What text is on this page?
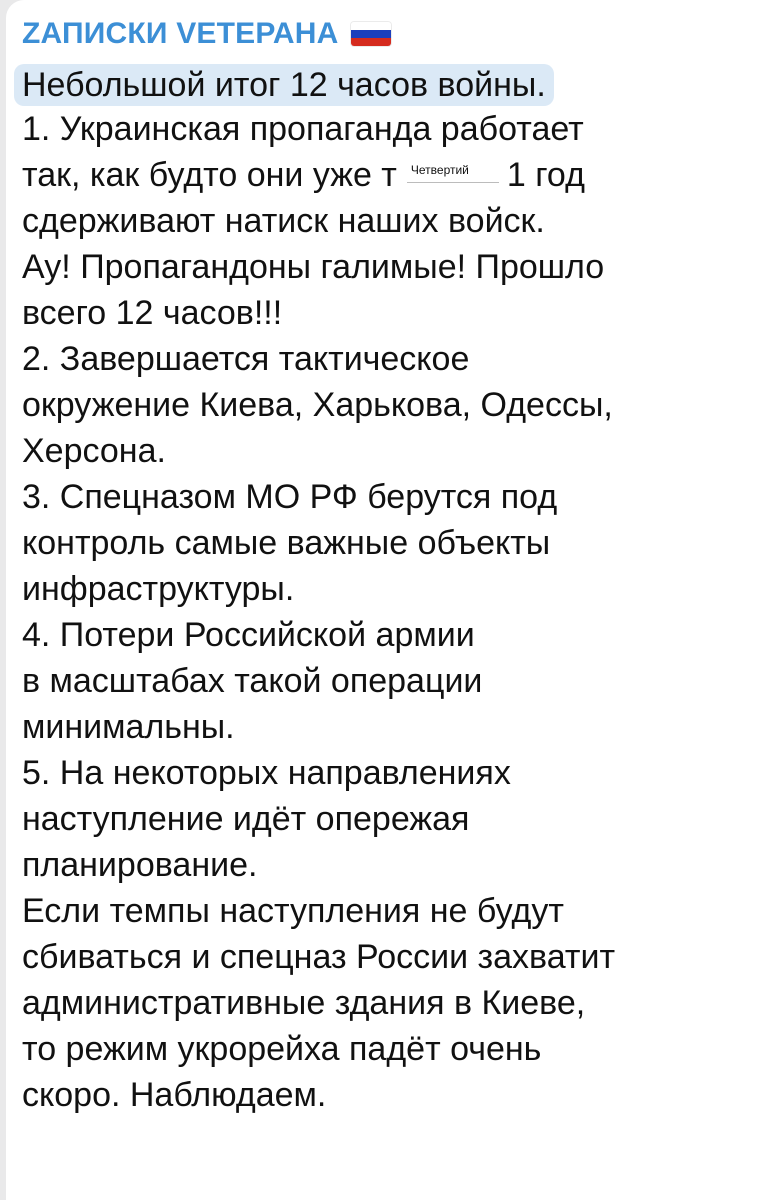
ZАПИСКИ VЕТЕРАНА
Небольшой итог 12 часов войны.
1. Украинская пропаганда работает
так, как будто они уже т	Четвертий	1 год
сдерживают натиск наших войск.
Ау! Пропагандоны галимые! Прошло
всего 12 часов!!!
2. Завершается тактическое
окружение Киева, Харькова, Одессы,
Херсона.
3. Спецназом МО РФ берутся под
контроль самые важные объекты
инфраструктуры.
4. Потери Российской армии
в масштабах такой операции
минимальны.
5. На некоторых направлениях
наступление идёт опережая
планирование.
Если темпы наступления не будут
сбиваться и спецназ России захватит
административные здания в Киеве,
то режим укрорейха падёт очень
скоро. Наблюдаем.
